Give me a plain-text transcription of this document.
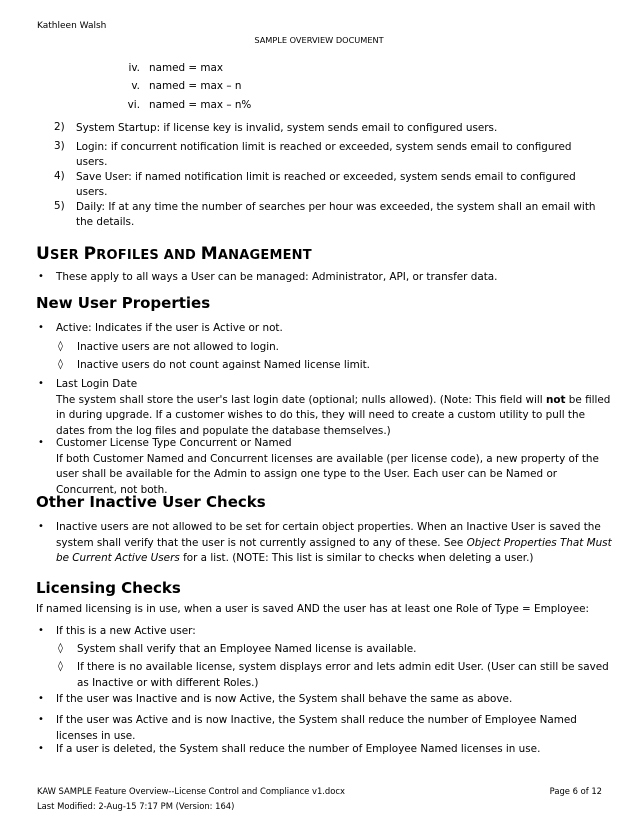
Kathleen Walsh
SAMPLE OVERVIEW DOCUMENT
iv. named = max
v. named = max – n
vi. named = max – n%
2) System Startup: if license key is invalid, system sends email to configured users.
3) Login: if concurrent notification limit is reached or exceeded, system sends email to configured users.
4) Save User: if named notification limit is reached or exceeded, system sends email to configured users.
5) Daily: If at any time the number of searches per hour was exceeded, the system shall an email with the details.
USER PROFILES AND MANAGEMENT
• These apply to all ways a User can be managed: Administrator, API, or transfer data.
New User Properties
• Active: Indicates if the user is Active or not.
◊ Inactive users are not allowed to login.
◊ Inactive users do not count against Named license limit.
• Last Login Date
The system shall store the user's last login date (optional; nulls allowed). (Note: This field will not be filled in during upgrade. If a customer wishes to do this, they will need to create a custom utility to pull the dates from the log files and populate the database themselves.)
• Customer License Type Concurrent or Named
If both Customer Named and Concurrent licenses are available (per license code), a new property of the user shall be available for the Admin to assign one type to the User. Each user can be Named or Concurrent, not both.
Other Inactive User Checks
• Inactive users are not allowed to be set for certain object properties. When an Inactive User is saved the system shall verify that the user is not currently assigned to any of these. See Object Properties That Must be Current Active Users for a list. (NOTE: This list is similar to checks when deleting a user.)
Licensing Checks
If named licensing is in use, when a user is saved AND the user has at least one Role of Type = Employee:
• If this is a new Active user:
◊ System shall verify that an Employee Named license is available.
◊ If there is no available license, system displays error and lets admin edit User. (User can still be saved as Inactive or with different Roles.)
• If the user was Inactive and is now Active, the System shall behave the same as above.
• If the user was Active and is now Inactive, the System shall reduce the number of Employee Named licenses in use.
• If a user is deleted, the System shall reduce the number of Employee Named licenses in use.
KAW SAMPLE Feature Overview--License Control and Compliance v1.docx	Page 6 of 12
Last Modified: 2-Aug-15 7:17 PM (Version: 164)
